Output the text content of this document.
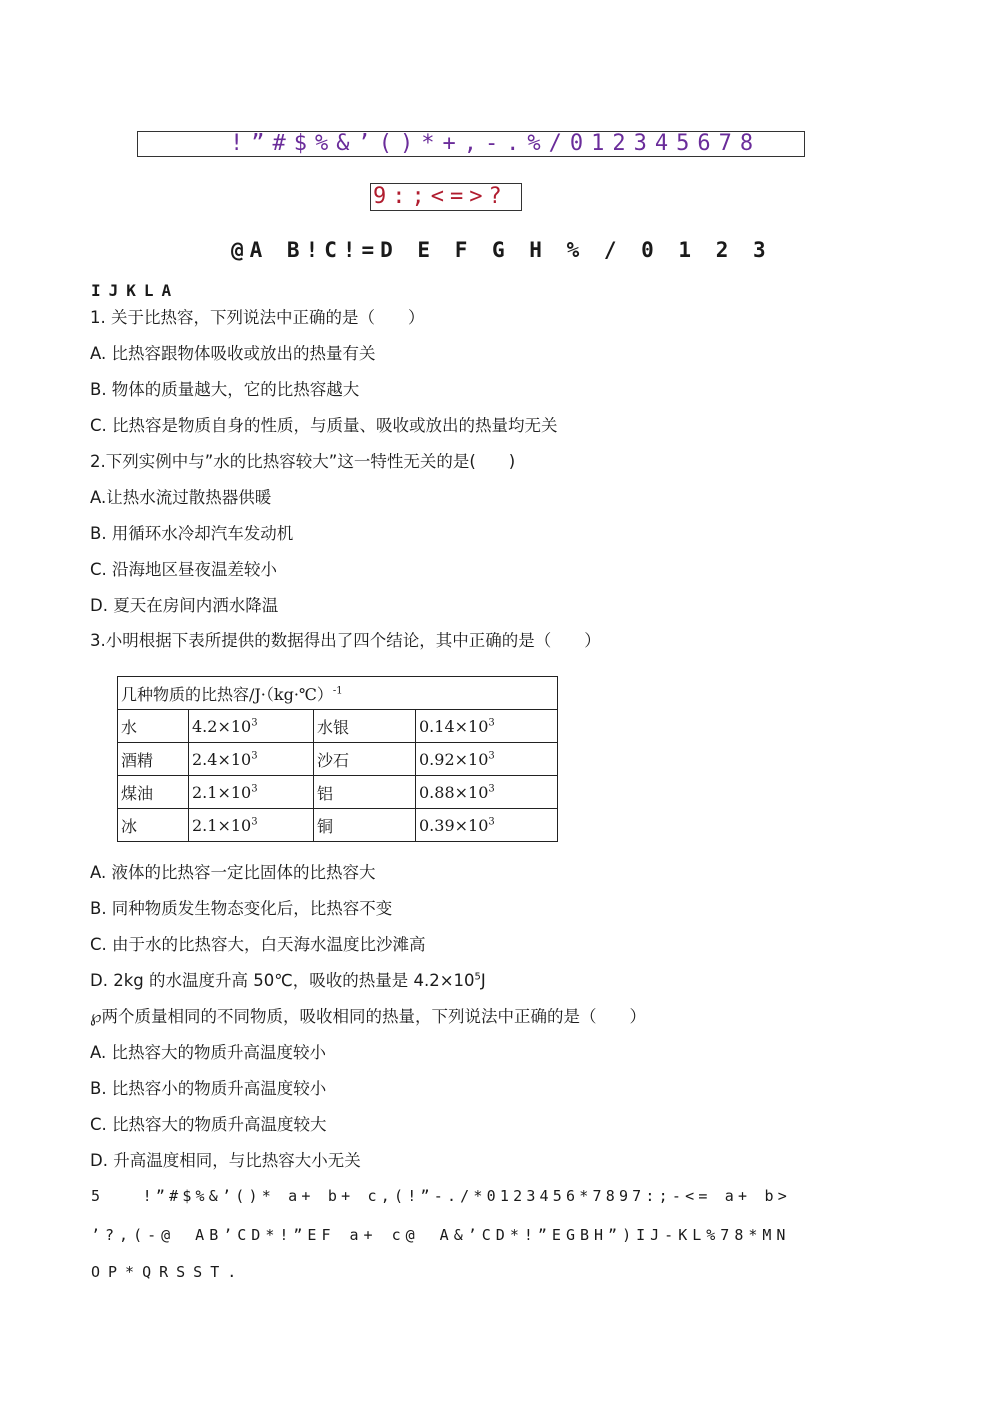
!”#$%&’()*+,-.%/012345678
9:;<=>?
@A B!C!=D E F G H % / 0 1 2 3
IJKLA
1. 关于比热容，下列说法中正确的是（　　）
A. 比热容跟物体吸收或放出的热量有关
B. 物体的质量越大，它的比热容越大
C. 比热容是物质自身的性质，与质量、吸收或放出的热量均无关
2.下列实例中与”水的比热容较大”这一特性无关的是(　　)
A.让热水流过散热器供暖
B. 用循环水冷却汽车发动机
C. 沿海地区昼夜温差较小
D. 夏天在房间内洒水降温
3.小明根据下表所提供的数据得出了四个结论，其中正确的是（　　）
几种物质的比热容/J·（kg·℃）$^{-1}$
水	$4.2\times 10^3$	水银	$0.14\times 10^3$
酒精	$2.4\times 10^3$	沙石	$0.92\times 10^3$
煤油	$2.1\times 10^3$	铝	$0.88\times 10^3$
冰	$2.1\times 10^3$	铜	$0.39\times 10^3$
A. 液体的比热容一定比固体的比热容大
B. 同种物质发生物态变化后，比热容不变
C. 由于水的比热容大，白天海水温度比沙滩高
D. 2kg 的水温度升高 50℃，吸收的热量是 $4.2\times 10^5J$
℘两个质量相同的不同物质，吸收相同的热量，下列说法中正确的是（　　）
A. 比热容大的物质升高温度较小
B. 比热容小的物质升高温度较小
C. 比热容大的物质升高温度较大
D. 升高温度相同，与比热容大小无关
5　　!”#$%&’()* a+ b+ c,(!”-./*0123456*7897:;-<= a+ b>
’?,(-@　AB’CD*!”EF a+ c@　A&’CD*!”EGBH”)IJ-KL%78*MN
OP*QRSST.
